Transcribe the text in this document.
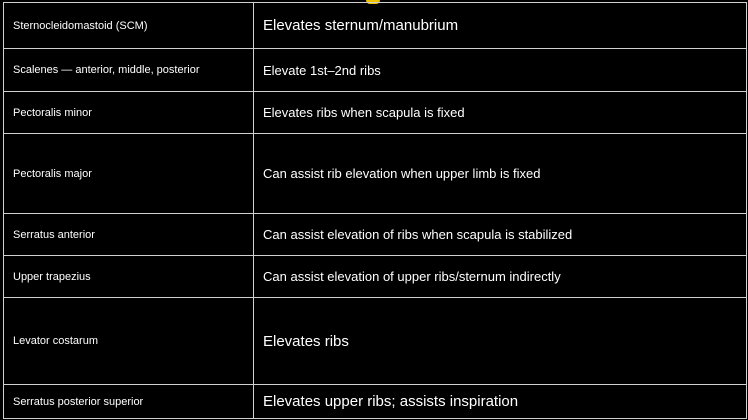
Sternocleidomastoid (SCM)	Elevates sternum/manubrium
Scalenes — anterior, middle, posterior	Elevate 1st–2nd ribs
Pectoralis minor	Elevates ribs when scapula is fixed
Pectoralis major	Can assist rib elevation when upper limb is fixed
Serratus anterior	Can assist elevation of ribs when scapula is stabilized
Upper trapezius	Can assist elevation of upper ribs/sternum indirectly
Levator costarum	Elevates ribs
Serratus posterior superior	Elevates upper ribs; assists inspiration
